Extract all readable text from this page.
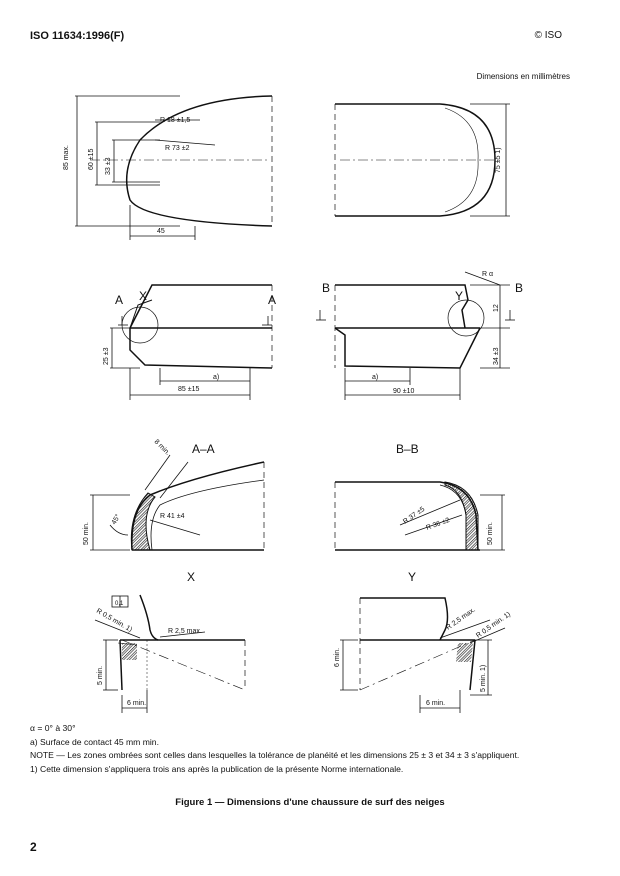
ISO 11634:1996(F)	© ISO
Dimensions en millimètres
85 max.	60 ±15 33 ±3
R 18 ±1,5
R 73 ±2
45
75 ±5 1)
25 ±3
85 ±15
a)
90 ±10
a)
34 ±3
12
R α
8 min.
45°	R 41 ±4
50 min.
R 37 ±5 R 36 ±2	50 min.
R 0,5 min. 1)	R 2,5 max.
5 min.
6 min.
0,1
R 2,5 max.
R 0,5 min. 1)
6 min.
6 min.
5 min. 1)
A	A
X
B	B
Y
A–A	B–B
X	Y
α = 0° à 30°
a) Surface de contact 45 mm min.
NOTE — Les zones ombrées sont celles dans lesquelles la tolérance de planéité et les dimensions 25 ± 3 et 34 ± 3 s'appliquent.
1) Cette dimension s'appliquera trois ans après la publication de la présente Norme internationale.
Figure 1 — Dimensions d'une chaussure de surf des neiges
2
